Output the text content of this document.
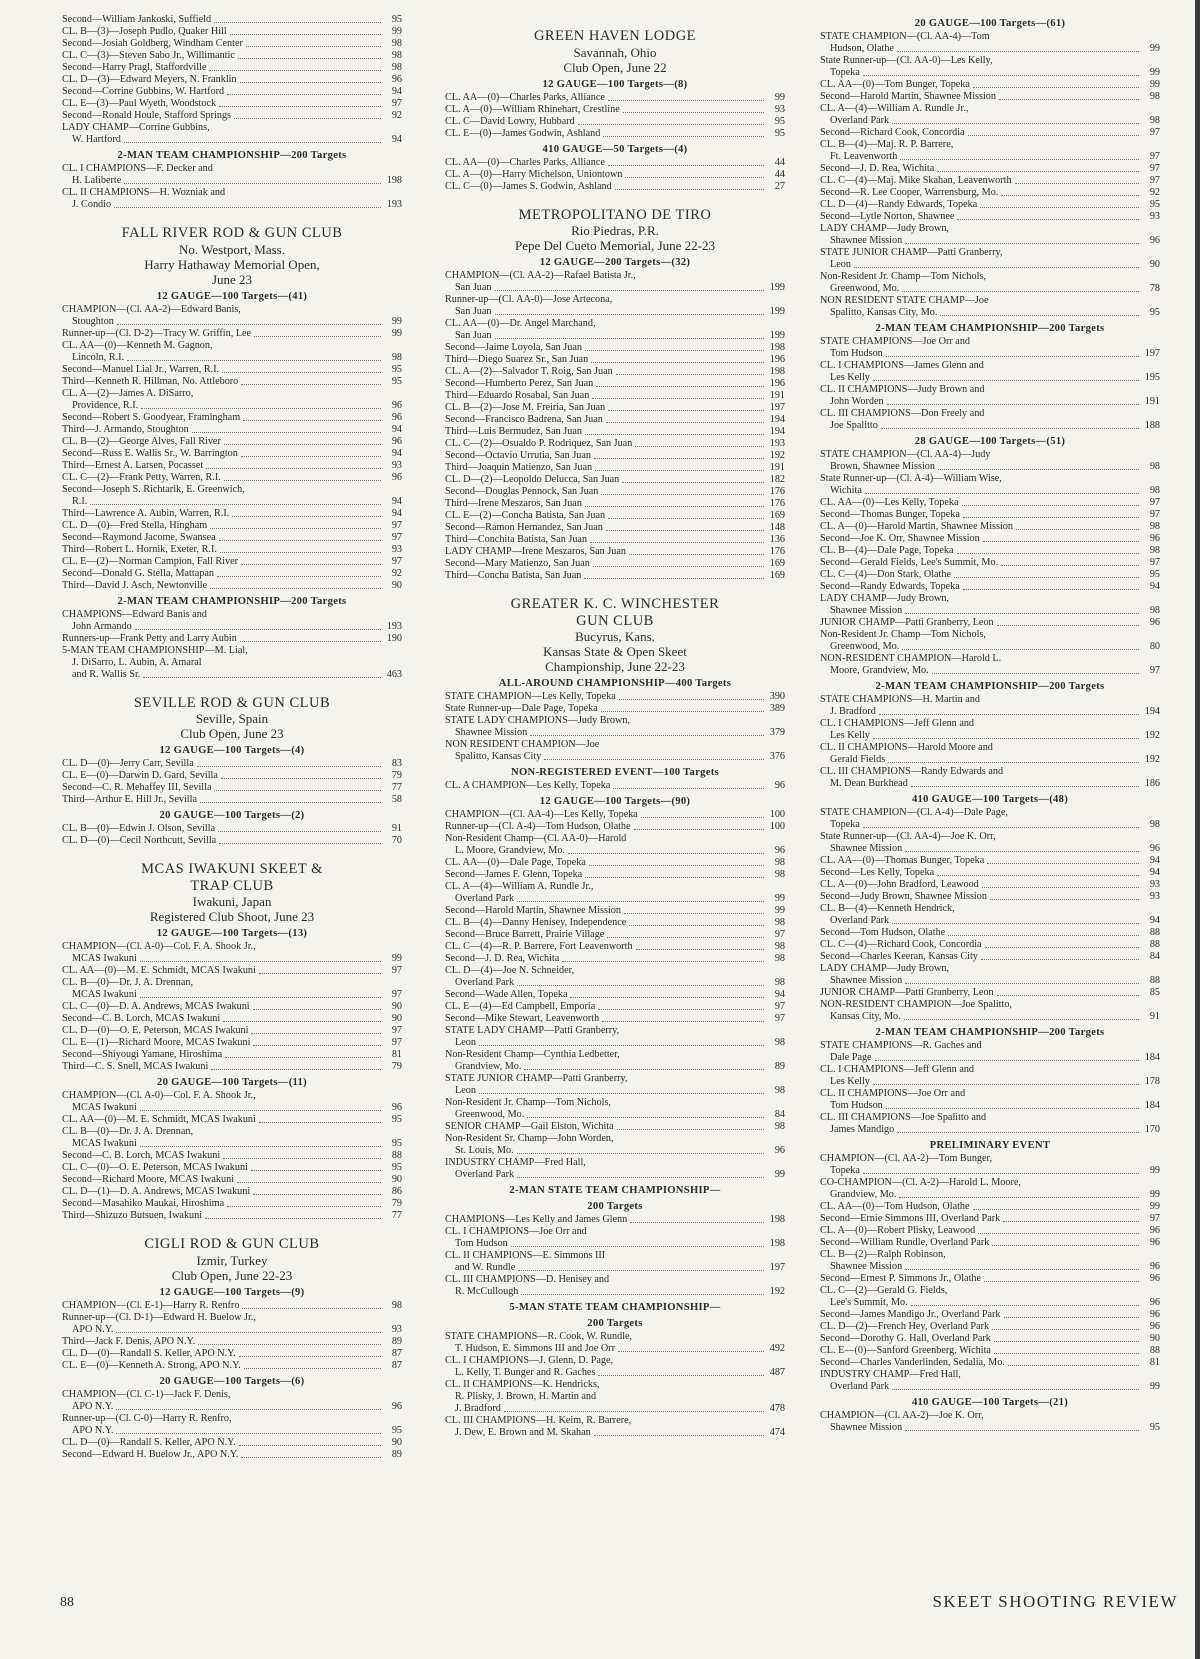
Second—William Jankoski, Suffield	95
CL. B—(3)—Joseph Pudlo, Quaker Hill	99
Second—Josiah Goldberg, Windham Center	98
CL. C—(3)—Steven Sabo Jr., Willimantic	98
Second—Harry Pragl, Staffordville	98
CL. D—(3)—Edward Meyers, N. Franklin	96
Second—Corrine Gubbins, W. Hartford	94
CL. E—(3)—Paul Wyeth, Woodstock	97
Second—Ronald Houle, Stafford Springs	92
LADY CHAMP—Corrine Gubbins,
W. Hartford	94
2-MAN TEAM CHAMPIONSHIP—200 Targets
CL. I CHAMPIONS—F. Decker and
H. Laliberte	198
CL. II CHAMPIONS—H. Wozniak and
J. Condio	193
FALL RIVER ROD & GUN CLUB
No. Westport, Mass.
Harry Hathaway Memorial Open,
June 23
12 GAUGE—100 Targets—(41)
CHAMPION—(Cl. AA-2)—Edward Banis,
Stoughton	99
Runner-up—(Cl. D-2)—Tracy W. Griffin, Lee	99
CL. AA—(0)—Kenneth M. Gagnon,
Lincoln, R.I.	98
Second—Manuel Lial Jr., Warren, R.I.	95
Third—Kenneth R. Hillman, No. Attleboro	95
CL. A—(2)—James A. DiSarro,
Providence, R.I.	96
Second—Robert S. Goodyear, Framingham	96
Third—J. Armando, Stoughton	94
CL. B—(2)—George Alves, Fall River	96
Second—Russ E. Wallis Sr., W. Barrington	94
Third—Ernest A. Larsen, Pocasset	93
CL. C—(2)—Frank Petty, Warren, R.I.	96
Second—Joseph S. Richtarik, E. Greenwich,
R.I.	94
Third—Lawrence A. Aubin, Warren, R.I.	94
CL. D—(0)—Fred Stella, Hingham	97
Second—Raymond Jacome, Swansea	97
Third—Robert L. Hornik, Exeter, R.I.	93
CL. E—(2)—Norman Campion, Fall River	97
Second—Donald G. Stella, Mattapan	92
Third—David J. Asch, Newtonville	90
2-MAN TEAM CHAMPIONSHIP—200 Targets
CHAMPIONS—Edward Banis and
John Armando	193
Runners-up—Frank Petty and Larry Aubin	190
5-MAN TEAM CHAMPIONSHIP—M. Lial,
J. DiSarro, L. Aubin, A. Amaral
and R. Wallis Sr.	463
SEVILLE ROD & GUN CLUB
Seville, Spain
Club Open, June 23
12 GAUGE—100 Targets—(4)
CL. D—(0)—Jerry Carr, Sevilla	83
CL. E—(0)—Darwin D. Gard, Sevilla	79
Second—C. R. Mehaffey III, Sevilla	77
Third—Arthur E. Hill Jr., Sevilla	58
20 GAUGE—100 Targets—(2)
CL. B—(0)—Edwin J. Olson, Sevilla	91
CL. D—(0)—Cecil Northcutt, Sevilla	70
MCAS IWAKUNI SKEET &
TRAP CLUB
Iwakuni, Japan
Registered Club Shoot, June 23
12 GAUGE—100 Targets—(13)
CHAMPION—(Cl. A-0)—Col. F. A. Shook Jr.,
MCAS Iwakuni	99
CL. AA—(0)—M. E. Schmidt, MCAS Iwakuni	97
CL. B—(0)—Dr. J. A. Drennan,
MCAS Iwakuni	97
CL. C—(0)—D. A. Andrews, MCAS Iwakuni	90
Second—C. B. Lorch, MCAS Iwakuni	90
CL. D—(0)—O. E. Peterson, MCAS Iwakuni	97
CL. E—(1)—Richard Moore, MCAS Iwakuni	97
Second—Shiyougi Yamane, Hiroshima	81
Third—C. S. Snell, MCAS Iwakuni	79
20 GAUGE—100 Targets—(11)
CHAMPION—(Cl. A-0)—Col. F. A. Shook Jr.,
MCAS Iwakuni	96
CL. AA—(0)—M. E. Schmidt, MCAS Iwakuni	95
CL. B—(0)—Dr. J. A. Drennan,
MCAS Iwakuni	95
Second—C. B. Lorch, MCAS Iwakuni	88
CL. C—(0)—O. E. Peterson, MCAS Iwakuni	95
Second—Richard Moore, MCAS Iwakuni	90
CL. D—(1)—D. A. Andrews, MCAS Iwakuni	86
Second—Masahiko Maukai, Hiroshima	79
Third—Shizuzo Butsuen, Iwakuni	77
CIGLI ROD & GUN CLUB
Izmir, Turkey
Club Open, June 22-23
12 GAUGE—100 Targets—(9)
CHAMPION—(Cl. E-1)—Harry R. Renfro	98
Runner-up—(Cl. D-1)—Edward H. Buelow Jr.,
APO N.Y.	93
Third—Jack F. Denis, APO N.Y.	89
CL. D—(0)—Randall S. Keller, APO N.Y.	87
CL. E—(0)—Kenneth A. Strong, APO N.Y.	87
20 GAUGE—100 Targets—(6)
CHAMPION—(Cl. C-1)—Jack F. Denis,
APO N.Y.	96
Runner-up—(Cl. C-0)—Harry R. Renfro,
APO N.Y.	95
CL. D—(0)—Randall S. Keller, APO N.Y.	90
Second—Edward H. Buelow Jr., APO N.Y.	89
GREEN HAVEN LODGE
Savannah, Ohio
Club Open, June 22
12 GAUGE—100 Targets—(8)
CL. AA—(0)—Charles Parks, Alliance	99
CL. A—(0)—William Rhinehart, Crestline	93
CL. C—David Lowry, Hubbard	95
CL. E—(0)—James Godwin, Ashland	95
410 GAUGE—50 Targets—(4)
CL. AA—(0)—Charles Parks, Alliance	44
CL. A—(0)—Harry Michelson, Uniontown	44
CL. C—(0)—James S. Godwin, Ashland	27
METROPOLITANO DE TIRO
Rio Piedras, P.R.
Pepe Del Cueto Memorial, June 22-23
12 GAUGE—200 Targets—(32)
CHAMPION—(Cl. AA-2)—Rafael Batista Jr.,
San Juan	199
Runner-up—(Cl. AA-0)—Jose Artecona,
San Juan	199
CL. AA—(0)—Dr. Angel Marchand,
San Juan	199
Second—Jaime Loyola, San Juan	198
Third—Diego Suarez Sr., San Juan	196
CL. A—(2)—Salvador T. Roig, San Juan	198
Second—Humberto Perez, San Juan	196
Third—Eduardo Rosabal, San Juan	191
CL. B—(2)—Jose M. Freiria, San Juan	197
Second—Francisco Badrena, San Juan	194
Third—Luis Bermudez, San Juan	194
CL. C—(2)—Osualdo P. Rodriquez, San Juan	193
Second—Octavio Urrutia, San Juan	192
Third—Joaquin Matienzo, San Juan	191
CL. D—(2)—Leopoldo Delucca, San Juan	182
Second—Douglas Pennock, San Juan	176
Third—Irene Meszaros, San Juan	176
CL. E—(2)—Concha Batista, San Juan	169
Second—Ramon Hernandez, San Juan	148
Third—Conchita Batista, San Juan	136
LADY CHAMP—Irene Meszaros, San Juan	176
Second—Mary Matienzo, San Juan	169
Third—Concha Batista, San Juan	169
GREATER K. C. WINCHESTER
GUN CLUB
Bucyrus, Kans.
Kansas State & Open Skeet
Championship, June 22-23
ALL-AROUND CHAMPIONSHIP—400 Targets
STATE CHAMPION—Les Kelly, Topeka	390
State Runner-up—Dale Page, Topeka	389
STATE LADY CHAMPIONS—Judy Brown,
Shawnee Mission	379
NON RESIDENT CHAMPION—Joe
Spalitto, Kansas City	376
NON-REGISTERED EVENT—100 Targets
CL. A CHAMPION—Les Kelly, Topeka	96
12 GAUGE—100 Targets—(90)
CHAMPION—(Cl. AA-4)—Les Kelly, Topeka	100
Runner-up—(Cl. A-4)—Tom Hudson, Olathe	100
Non-Resident Champ—(Cl. AA-0)—Harold
L. Moore, Grandview, Mo.	96
CL. AA—(0)—Dale Page, Topeka	98
Second—James F. Glenn, Topeka	98
CL. A—(4)—William A. Rundle Jr.,
Overland Park	99
Second—Harold Martin, Shawnee Mission	99
CL. B—(4)—Danny Henisey, Independence	98
Second—Bruce Barrett, Prairie Village	97
CL. C—(4)—R. P. Barrere, Fort Leavenworth	98
Second—J. D. Rea, Wichita	98
CL. D—(4)—Joe N. Schneider,
Overland Park	98
Second—Wade Allen, Topeka	94
CL. E—(4)—Ed Campbell, Emporia	97
Second—Mike Stewart, Leavenworth	97
STATE LADY CHAMP—Patti Granberry,
Leon	98
Non-Resident Champ—Cynthia Ledbetter,
Grandview, Mo.	89
STATE JUNIOR CHAMP—Patti Granberry,
Leon	98
Non-Resident Jr. Champ—Tom Nichols,
Greenwood, Mo.	84
SENIOR CHAMP—Gail Elston, Wichita	98
Non-Resident Sr. Champ—John Worden,
St. Louis, Mo.	96
INDUSTRY CHAMP—Fred Hall,
Overland Park	99
2-MAN STATE TEAM CHAMPIONSHIP—
200 Targets
CHAMPIONS—Les Kelly and James Glenn	198
CL. I CHAMPIONS—Joe Orr and
Tom Hudson	198
CL. II CHAMPIONS—E. Simmons III
and W. Rundle	197
CL. III CHAMPIONS—D. Henisey and
R. McCullough	192
5-MAN STATE TEAM CHAMPIONSHIP—
200 Targets
STATE CHAMPIONS—R. Cook, W. Rundle,
T. Hudson, E. Simmons III and Joe Orr	492
CL. I CHAMPIONS—J. Glenn, D. Page,
L. Kelly, T. Bunger and R. Gaches	487
CL. II CHAMPIONS—K. Hendricks,
R. Plisky, J. Brown, H. Martin and
J. Bradford	478
CL. III CHAMPIONS—H. Keim, R. Barrere,
J. Dew, E. Brown and M. Skahan	474
20 GAUGE—100 Targets—(61)
STATE CHAMPION—(Cl. AA-4)—Tom
Hudson, Olathe	99
State Runner-up—(Cl. AA-0)—Les Kelly,
Topeka	99
CL. AA—(0)—Tom Bunger, Topeka	99
Second—Harold Martin, Shawnee Mission	98
CL. A—(4)—William A. Rundle Jr.,
Overland Park	98
Second—Richard Cook, Concordia	97
CL. B—(4)—Maj. R. P. Barrere,
Ft. Leavenworth	97
Second—J. D. Rea, Wichita	97
CL. C—(4)—Maj. Mike Skahan, Leavenworth	97
Second—R. Lee Cooper, Warrensburg, Mo.	92
CL. D—(4)—Randy Edwards, Topeka	95
Second—Lytle Norton, Shawnee	93
LADY CHAMP—Judy Brown,
Shawnee Mission	96
STATE JUNIOR CHAMP—Patti Granberry,
Leon	90
Non-Resident Jr. Champ—Tom Nichols,
Greenwood, Mo.	78
NON RESIDENT STATE CHAMP—Joe
Spalitto, Kansas City, Mo.	95
2-MAN TEAM CHAMPIONSHIP—200 Targets
STATE CHAMPIONS—Joe Orr and
Tom Hudson	197
CL. I CHAMPIONS—James Glenn and
Les Kelly	195
CL. II CHAMPIONS—Judy Brown and
John Worden	191
CL. III CHAMPIONS—Don Freely and
Joe Spalitto	188
28 GAUGE—100 Targets—(51)
STATE CHAMPION—(Cl. AA-4)—Judy
Brown, Shawnee Mission	98
State Runner-up—(Cl. A-4)—William Wise,
Wichita	98
CL. AA—(0)—Les Kelly, Topeka	97
Second—Thomas Bunger, Topeka	97
CL. A—(0)—Harold Martin, Shawnee Mission	98
Second—Joe K. Orr, Shawnee Mission	96
CL. B—(4)—Dale Page, Topeka	98
Second—Gerald Fields, Lee's Summit, Mo.	97
CL. C—(4)—Don Stark, Olathe	95
Second—Randy Edwards, Topeka	94
LADY CHAMP—Judy Brown,
Shawnee Mission	98
JUNIOR CHAMP—Patti Granberry, Leon	96
Non-Resident Jr. Champ—Tom Nichols,
Greenwood, Mo.	80
NON-RESIDENT CHAMPION—Harold L.
Moore, Grandview, Mo.	97
2-MAN TEAM CHAMPIONSHIP—200 Targets
STATE CHAMPIONS—H. Martin and
J. Bradford	194
CL. I CHAMPIONS—Jeff Glenn and
Les Kelly	192
CL. II CHAMPIONS—Harold Moore and
Gerald Fields	192
CL. III CHAMPIONS—Randy Edwards and
M. Dean Burkhead	186
410 GAUGE—100 Targets—(48)
STATE CHAMPION—(Cl. A-4)—Dale Page,
Topeka	98
State Runner-up—(Cl. AA-4)—Joe K. Orr,
Shawnee Mission	96
CL. AA—(0)—Thomas Bunger, Topeka	94
Second—Les Kelly, Topeka	94
CL. A—(0)—John Bradford, Leawood	93
Second—Judy Brown, Shawnee Mission	93
CL. B—(4)—Kenneth Hendrick,
Overland Park	94
Second—Tom Hudson, Olathe	88
CL. C—(4)—Richard Cook, Concordia	88
Second—Charles Keeran, Kansas City	84
LADY CHAMP—Judy Brown,
Shawnee Mission	88
JUNIOR CHAMP—Patti Granberry, Leon	85
NON-RESIDENT CHAMPION—Joe Spalitto,
Kansas City, Mo.	91
2-MAN TEAM CHAMPIONSHIP—200 Targets
STATE CHAMPIONS—R. Gaches and
Dale Page	184
CL. I CHAMPIONS—Jeff Glenn and
Les Kelly	178
CL. II CHAMPIONS—Joe Orr and
Tom Hudson	184
CL. III CHAMPIONS—Joe Spalitto and
James Mandigo	170
PRELIMINARY EVENT
CHAMPION—(Cl. AA-2)—Tom Bunger,
Topeka	99
CO-CHAMPION—(Cl. A-2)—Harold L. Moore,
Grandview, Mo.	99
CL. AA—(0)—Tom Hudson, Olathe	99
Second—Ernie Simmons III, Overland Park	97
CL. A—(0)—Robert Plisky, Leawood	96
Second—William Rundle, Overland Park	96
CL. B—(2)—Ralph Robinson,
Shawnee Mission	96
Second—Ernest P. Simmons Jr., Olathe	96
CL. C—(2)—Gerald G. Fields,
Lee's Summit, Mo.	96
Second—James Mandigo Jr., Overland Park	96
CL. D—(2)—French Hey, Overland Park	96
Second—Dorothy G. Hall, Overland Park	90
CL. E—(0)—Sanford Greenberg, Wichita	88
Second—Charles Vanderlinden, Sedalia, Mo.	81
INDUSTRY CHAMP—Fred Hall,
Overland Park	99
410 GAUGE—100 Targets—(21)
CHAMPION—(Cl. AA-2)—Joe K. Orr,
Shawnee Mission	95
88	SKEET SHOOTING REVIEW
